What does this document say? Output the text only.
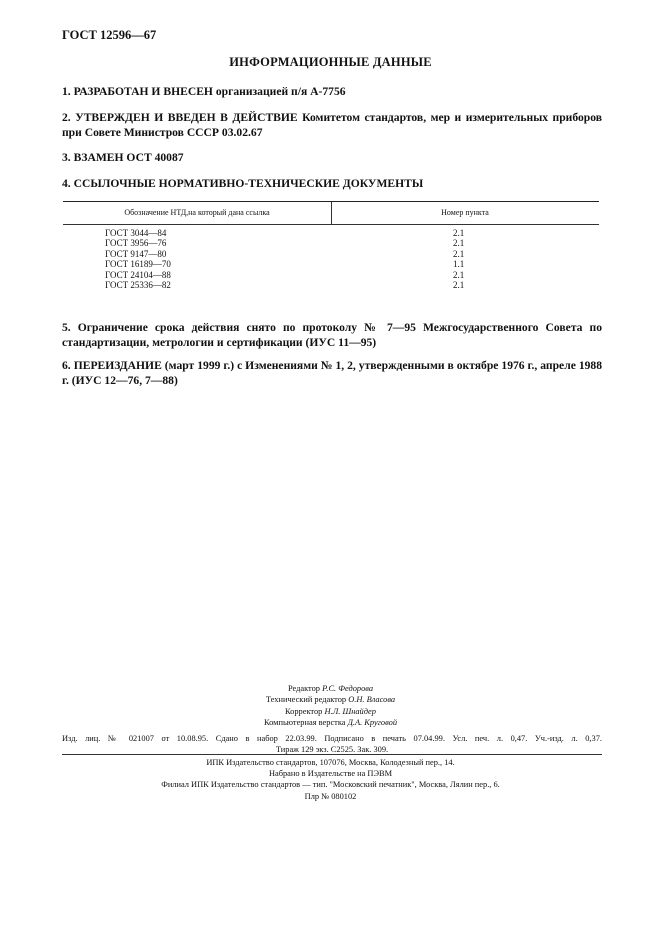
ГОСТ 12596—67
ИНФОРМАЦИОННЫЕ ДАННЫЕ
1. РАЗРАБОТАН И ВНЕСЕН организацией п/я А-7756
2. УТВЕРЖДЕН И ВВЕДЕН В ДЕЙСТВИЕ Комитетом стандартов, мер и измерительных приборов при Совете Министров СССР 03.02.67
3. ВЗАМЕН ОСТ 40087
4. ССЫЛОЧНЫЕ НОРМАТИВНО-ТЕХНИЧЕСКИЕ ДОКУМЕНТЫ
Обозначение НТД,на который дана ссылка	Номер пункта
ГОСТ 3044—84	2.1
ГОСТ 3956—76	2.1
ГОСТ 9147—80	2.1
ГОСТ 16189—70	1.1
ГОСТ 24104—88	2.1
ГОСТ 25336—82	2.1
5. Ограничение срока действия снято по протоколу № 7—95 Межгосударственного Совета по стандартизации, метрологии и сертификации (ИУС 11—95)
6. ПЕРЕИЗДАНИЕ (март 1999 г.) с Изменениями № 1, 2, утвержденными в октябре 1976 г., апреле 1988 г. (ИУС 12—76, 7—88)
Редактор Р.С. Федорова
Технический редактор О.Н. Власова
Корректор Н.Л. Шнайдер
Компьютерная верстка Д.А. Круговой
Изд. лиц. № 021007 от 10.08.95. Сдано в набор 22.03.99. Подписано в печать 07.04.99. Усл. печ. л. 0,47. Уч.-изд. л. 0,37.
Тираж 129 экз. С2525. Зак. 309.
ИПК Издательство стандартов, 107076, Москва, Колодезный пер., 14.
Набрано в Издательстве на ПЭВМ
Филиал ИПК Издательство стандартов — тип. "Московский печатник", Москва, Лялин пер., 6.
Плр № 080102
